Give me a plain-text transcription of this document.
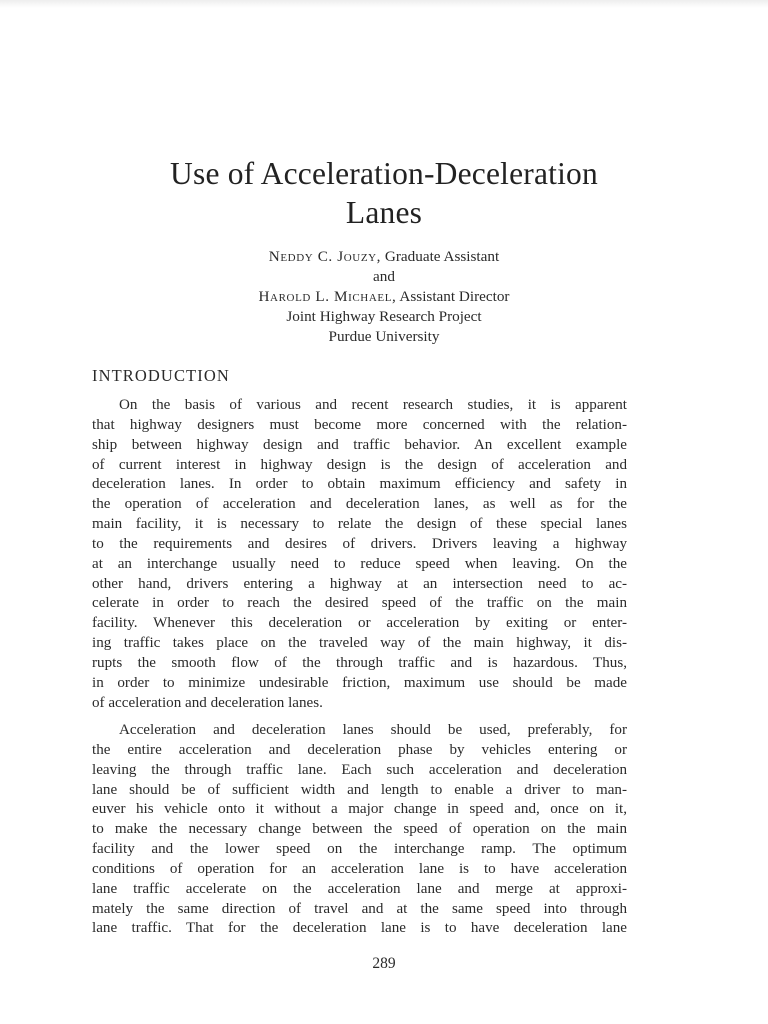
Use of Acceleration-Deceleration
Lanes
Neddy C. Jouzy, Graduate Assistant
and
Harold L. Michael, Assistant Director
Joint Highway Research Project
Purdue University
INTRODUCTION
On the basis of various and recent research studies, it is apparent
that highway designers must become more concerned with the relation-
ship between highway design and traffic behavior. An excellent example
of current interest in highway design is the design of acceleration and
deceleration lanes. In order to obtain maximum efficiency and safety in
the operation of acceleration and deceleration lanes, as well as for the
main facility, it is necessary to relate the design of these special lanes
to the requirements and desires of drivers. Drivers leaving a highway
at an interchange usually need to reduce speed when leaving. On the
other hand, drivers entering a highway at an intersection need to ac-
celerate in order to reach the desired speed of the traffic on the main
facility. Whenever this deceleration or acceleration by exiting or enter-
ing traffic takes place on the traveled way of the main highway, it dis-
rupts the smooth flow of the through traffic and is hazardous. Thus,
in order to minimize undesirable friction, maximum use should be made
of acceleration and deceleration lanes.
Acceleration and deceleration lanes should be used, preferably, for
the entire acceleration and deceleration phase by vehicles entering or
leaving the through traffic lane. Each such acceleration and deceleration
lane should be of sufficient width and length to enable a driver to man-
euver his vehicle onto it without a major change in speed and, once on it,
to make the necessary change between the speed of operation on the main
facility and the lower speed on the interchange ramp. The optimum
conditions of operation for an acceleration lane is to have acceleration
lane traffic accelerate on the acceleration lane and merge at approxi-
mately the same direction of travel and at the same speed into through
lane traffic. That for the deceleration lane is to have deceleration lane
289
